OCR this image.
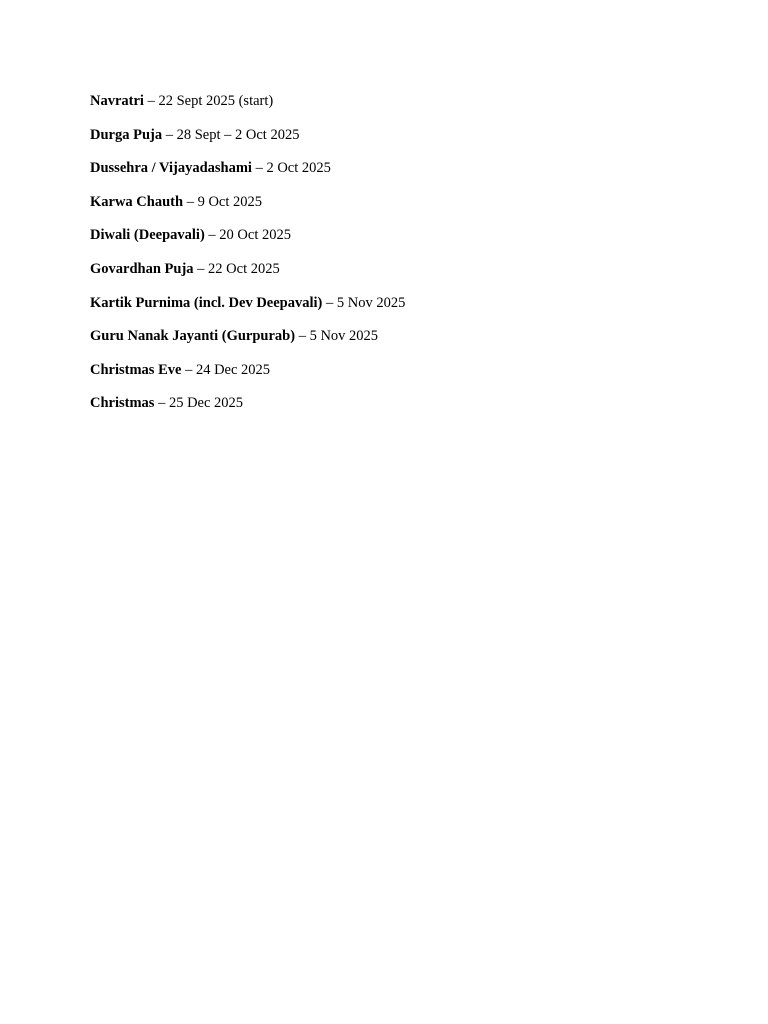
Navratri – 22 Sept 2025 (start)
Durga Puja – 28 Sept – 2 Oct 2025
Dussehra / Vijayadashami – 2 Oct 2025
Karwa Chauth – 9 Oct 2025
Diwali (Deepavali) – 20 Oct 2025
Govardhan Puja – 22 Oct 2025
Kartik Purnima (incl. Dev Deepavali) – 5 Nov 2025
Guru Nanak Jayanti (Gurpurab) – 5 Nov 2025
Christmas Eve – 24 Dec 2025
Christmas – 25 Dec 2025
